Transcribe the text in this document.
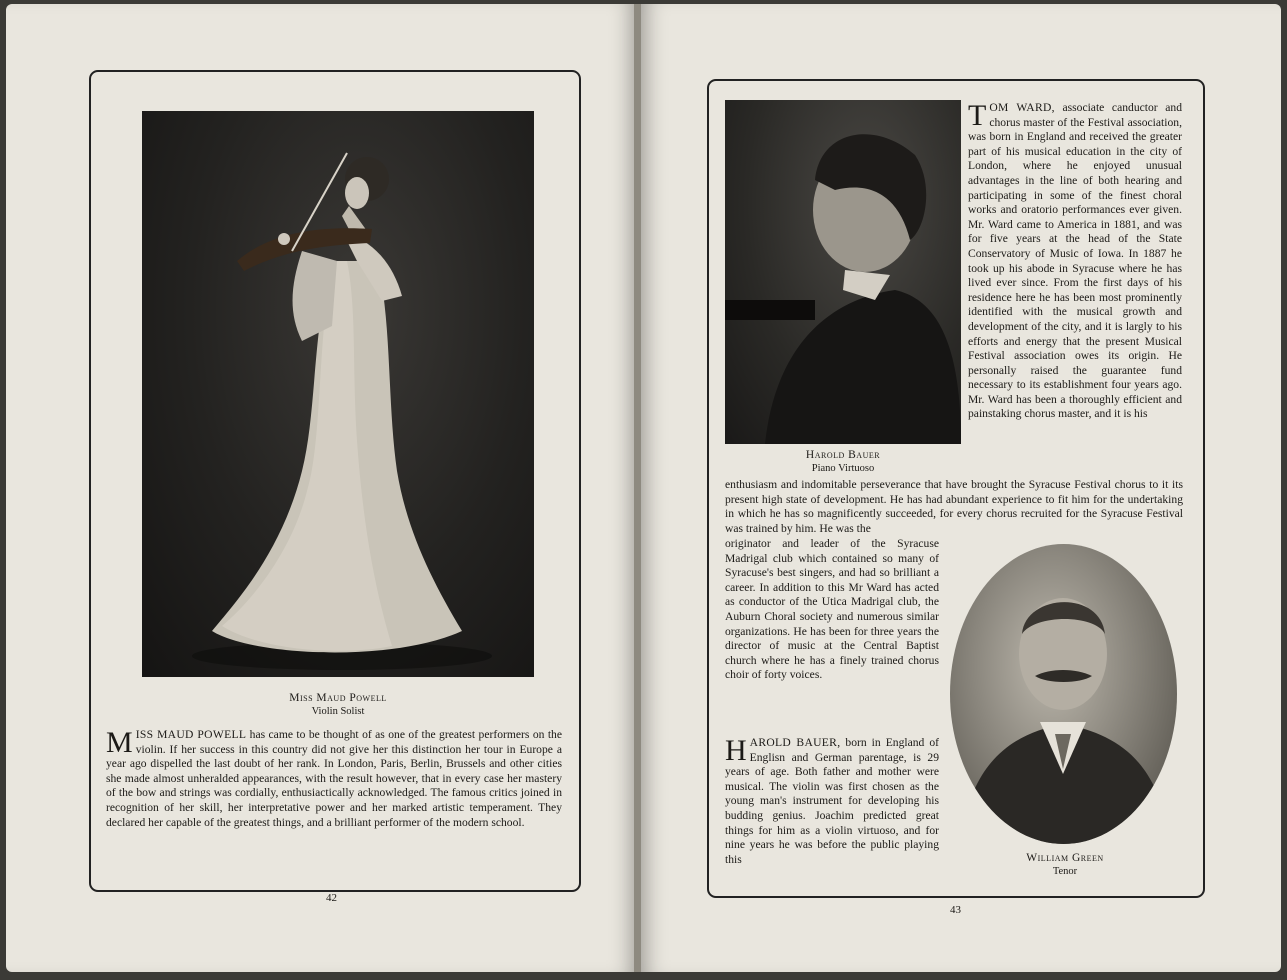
Miss Maud Powell
Violin Solist

MISS MAUD POWELL has came to be thought of as one of the greatest performers on the violin. If her success in this country did not give her this distinction her tour in Europe a year ago dispelled the last doubt of her rank. In London, Paris, Berlin, Brussels and other cities she made almost unheralded appearances, with the result however, that in every case her mastery of the bow and strings was cordially, enthusiactically acknowledged. The famous critics joined in recognition of her skill, her interpretative power and her marked artistic temperament. They declared her capable of the greatest things, and a brilliant performer of the modern school.

42
Harold Bauer
Piano Virtuoso

TOM WARD, associate canductor and chorus master of the Festival association, was born in England and received the greater part of his musical education in the city of London, where he enjoyed unusual advantages in the line of both hearing and participating in some of the finest choral works and oratorio performances ever given. Mr. Ward came to America in 1881, and was for five years at the head of the State Conservatory of Music of Iowa. In 1887 he took up his abode in Syracuse where he has lived ever since. From the first days of his residence here he has been most prominently identified with the musical growth and development of the city, and it is largly to his efforts and energy that the present Musical Festival association owes its origin. He personally raised the guarantee fund necessary to its establishment four years ago. Mr. Ward has been a thoroughly efficient and painstaking chorus master, and it is his

enthusiasm and indomitable perseverance that have brought the Syracuse Festival chorus to it its present high state of development. He has had abundant experience to fit him for the undertaking in which he has so magnificently succeeded, for every chorus recruited for the Syracuse Festival was trained by him. He was the

originator and leader of the Syracuse Madrigal club which contained so many of Syracuse's best singers, and had so brilliant a career. In addition to this Mr Ward has acted as conductor of the Utica Madrigal club, the Auburn Choral society and numerous similar organizations. He has been for three years the director of music at the Central Baptist church where he has a finely trained chorus choir of forty voices.

HAROLD BAUER, born in England of Englisn and German parentage, is 29 years of age. Both father and mother were musical. The violin was first chosen as the young man's instrument for developing his budding genius. Joachim predicted great things for him as a violin virtuoso, and for nine years he was before the public playing this	William Green
Tenor
43
